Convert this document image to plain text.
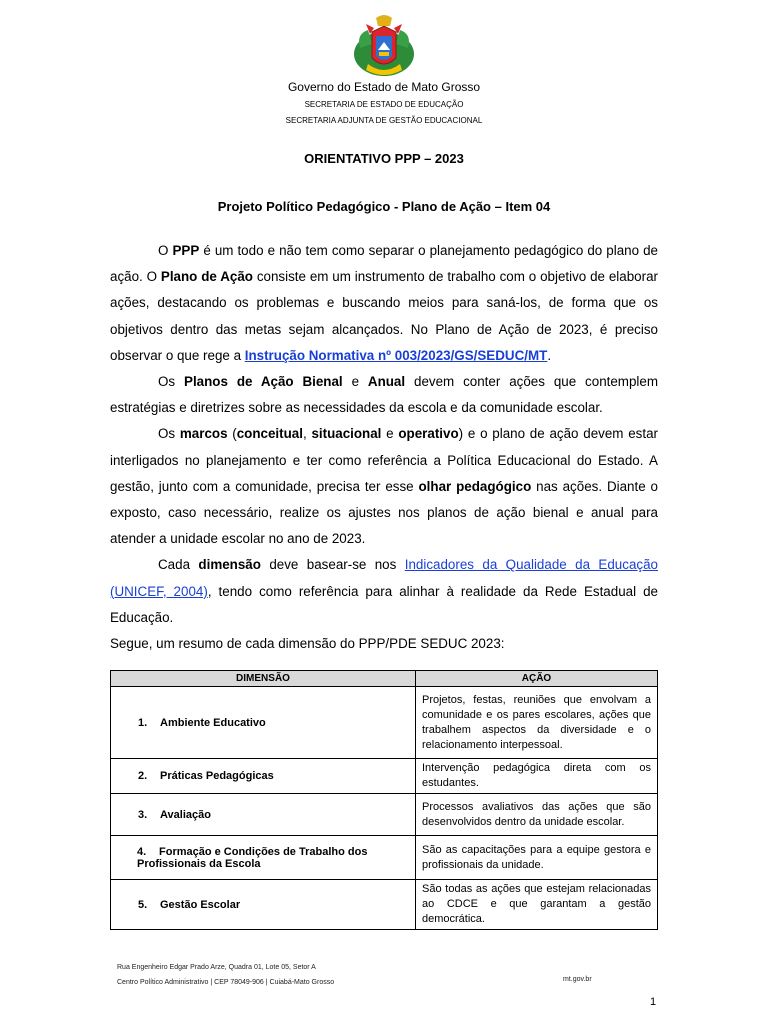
Governo do Estado de Mato Grosso
SECRETARIA DE ESTADO DE EDUCAÇÃO
SECRETARIA ADJUNTA DE GESTÃO EDUCACIONAL
ORIENTATIVO PPP – 2023
Projeto Político Pedagógico - Plano de Ação – Item 04

O PPP é um todo e não tem como separar o planejamento pedagógico do plano de ação. O Plano de Ação consiste em um instrumento de trabalho com o objetivo de elaborar ações, destacando os problemas e buscando meios para saná-los, de forma que os objetivos dentro das metas sejam alcançados. No Plano de Ação de 2023, é preciso observar o que rege a Instrução Normativa nº 003/2023/GS/SEDUC/MT.

Os Planos de Ação Bienal e Anual devem conter ações que contemplem estratégias e diretrizes sobre as necessidades da escola e da comunidade escolar.

Os marcos (conceitual, situacional e operativo) e o plano de ação devem estar interligados no planejamento e ter como referência a Política Educacional do Estado. A gestão, junto com a comunidade, precisa ter esse olhar pedagógico nas ações. Diante o exposto, caso necessário, realize os ajustes nos planos de ação bienal e anual para atender a unidade escolar no ano de 2023.

Cada dimensão deve basear-se nos Indicadores da Qualidade da Educação (UNICEF, 2004), tendo como referência para alinhar à realidade da Rede Estadual de Educação.

Segue, um resumo de cada dimensão do PPP/PDE SEDUC 2023:

DIMENSÃO	AÇÃO
1. Ambiente Educativo	Projetos, festas, reuniões que envolvam a comunidade e os pares escolares, ações que trabalhem aspectos da diversidade e o relacionamento interpessoal.
2. Práticas Pedagógicas	Intervenção pedagógica direta com os estudantes.
3. Avaliação	Processos avaliativos das ações que são desenvolvidos dentro da unidade escolar.
4. Formação e Condições de Trabalho dos Profissionais da Escola	São as capacitações para a equipe gestora e profissionais da unidade.
5. Gestão Escolar	São todas as ações que estejam relacionadas ao CDCE e que garantam a gestão democrática.
Rua Engenheiro Edgar Prado Arze, Quadra 01, Lote 05, Setor A
Centro Político Administrativo | CEP 78049-906 | Cuiabá-Mato Grosso	mt.gov.br
1
